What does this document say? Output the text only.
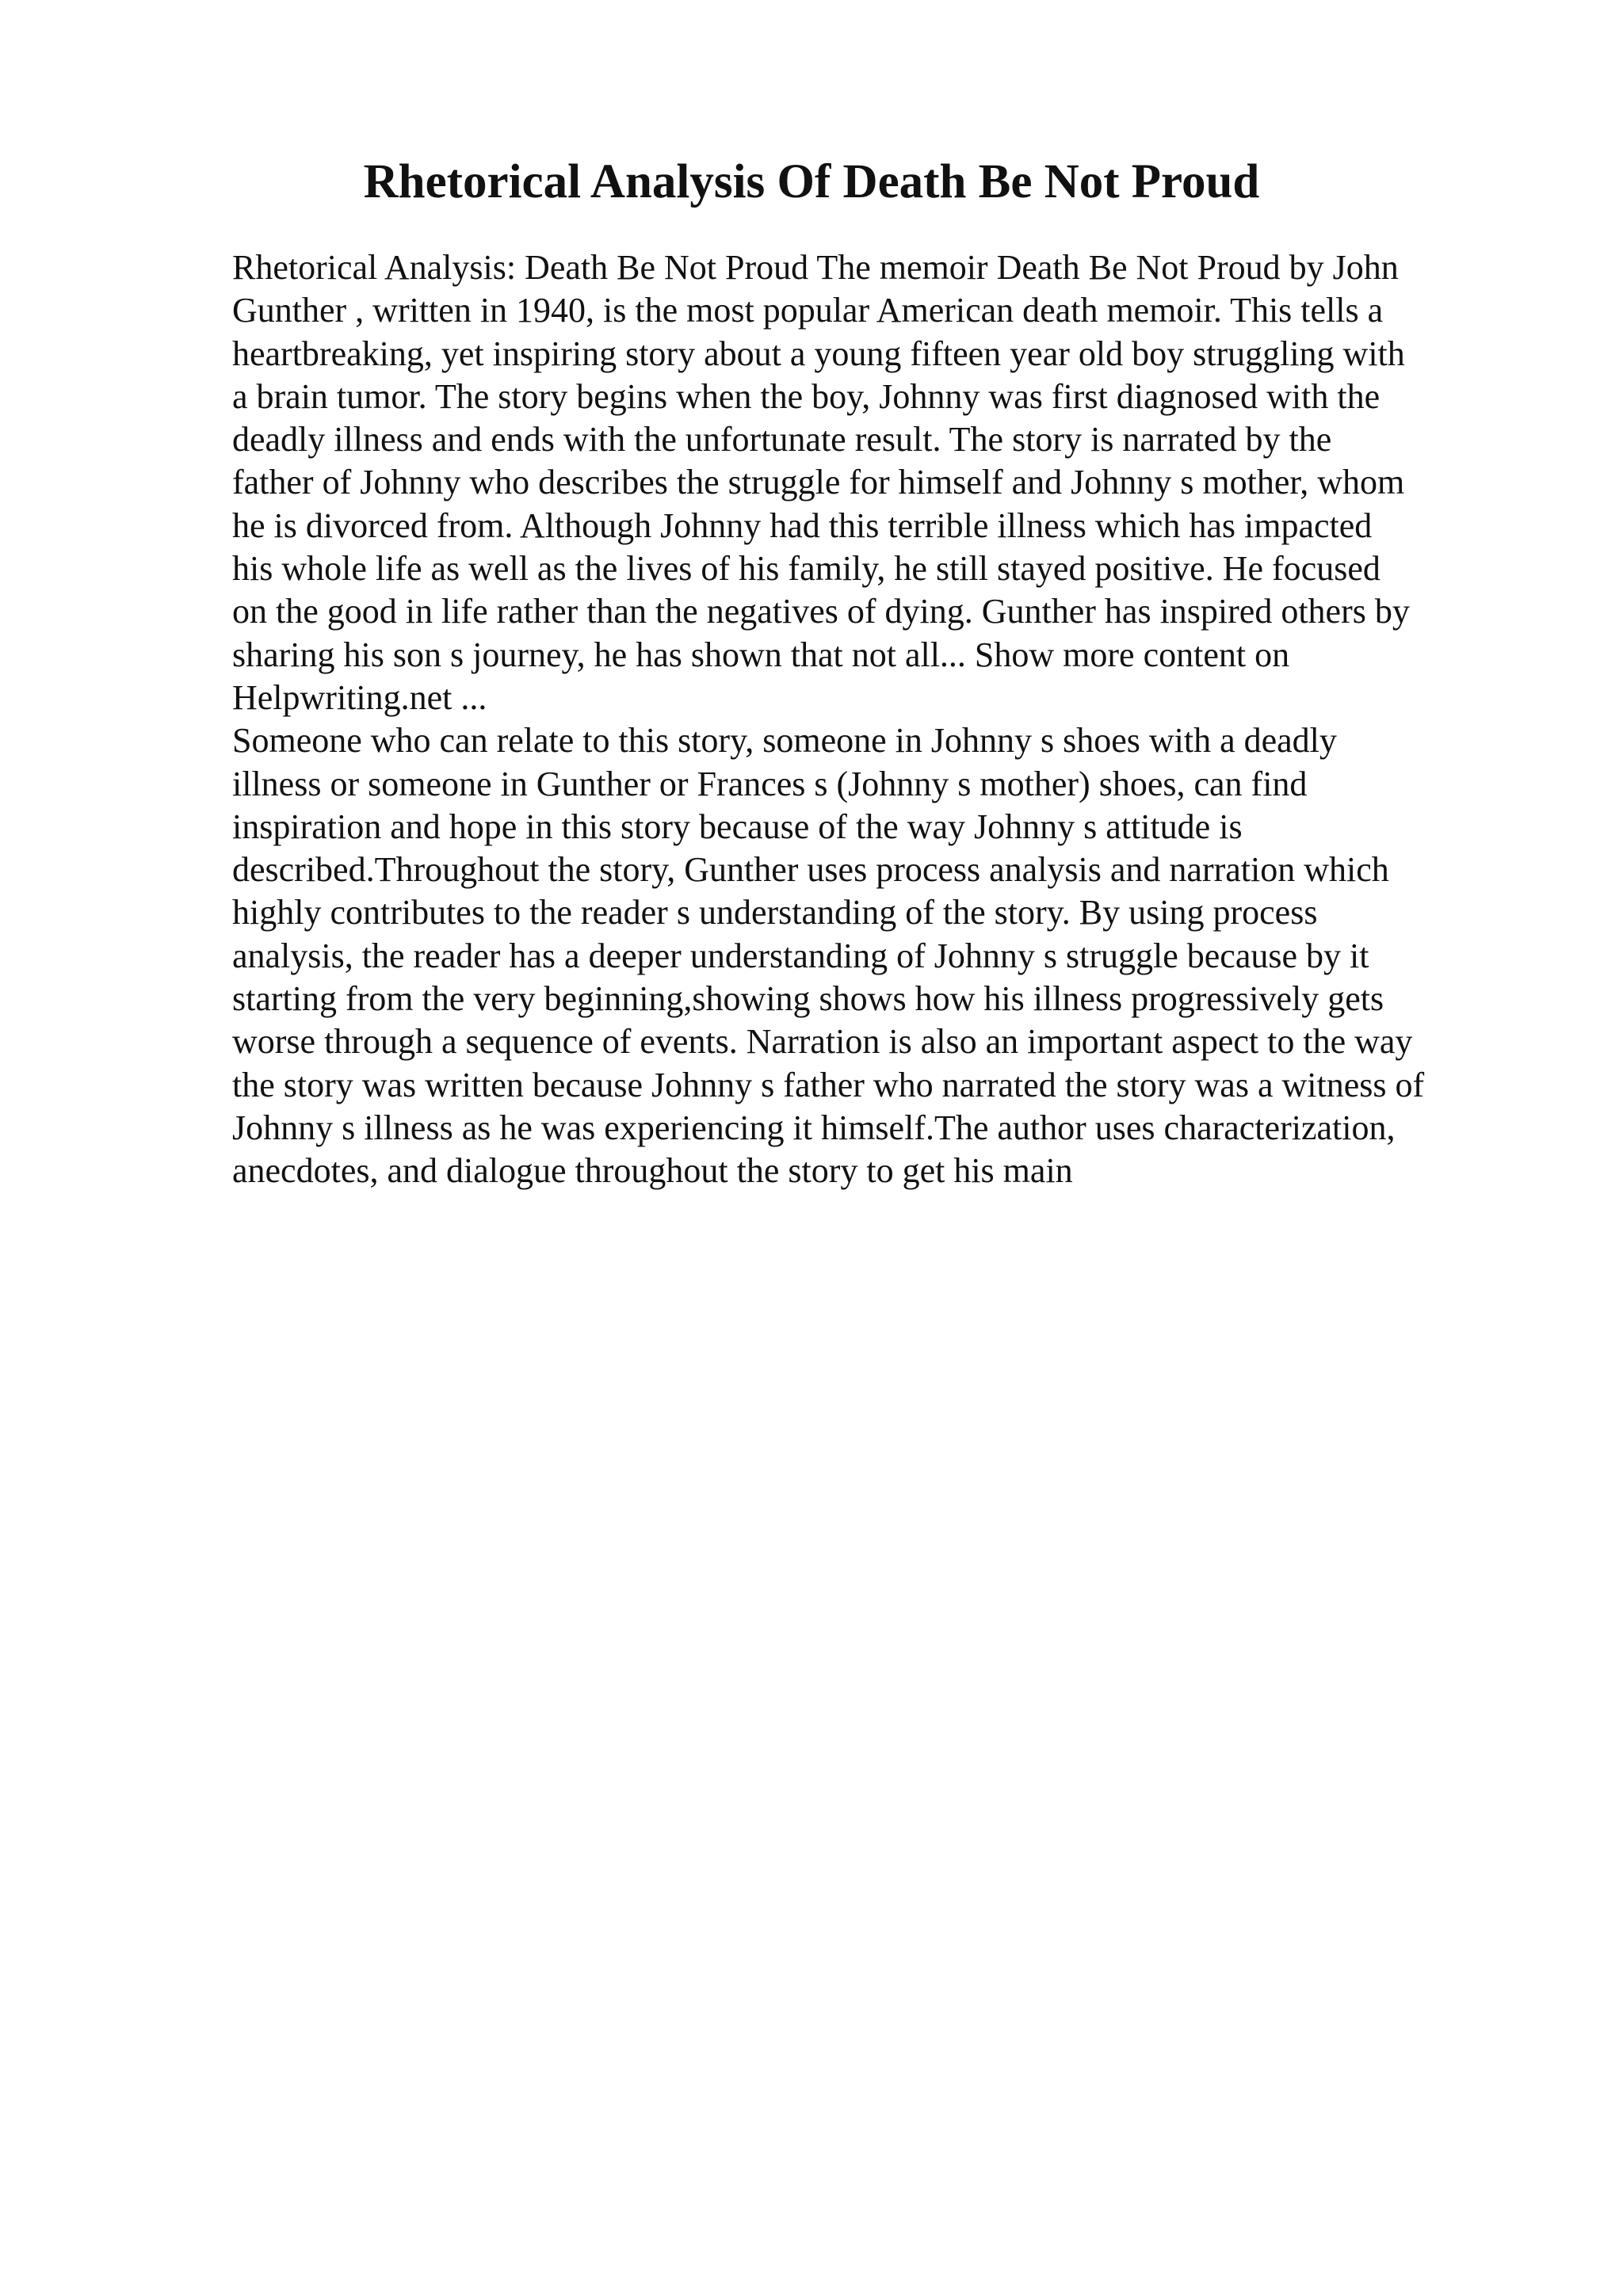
Rhetorical Analysis Of Death Be Not Proud
Rhetorical Analysis: Death Be Not Proud The memoir Death Be Not Proud by John
Gunther , written in 1940, is the most popular American death memoir. This tells a
heartbreaking, yet inspiring story about a young fifteen year old boy struggling with
a brain tumor. The story begins when the boy, Johnny was first diagnosed with the
deadly illness and ends with the unfortunate result. The story is narrated by the
father of Johnny who describes the struggle for himself and Johnny s mother, whom
he is divorced from. Although Johnny had this terrible illness which has impacted
his whole life as well as the lives of his family, he still stayed positive. He focused
on the good in life rather than the negatives of dying. Gunther has inspired others by
sharing his son s journey, he has shown that not all... Show more content on
Helpwriting.net ...
Someone who can relate to this story, someone in Johnny s shoes with a deadly
illness or someone in Gunther or Frances s (Johnny s mother) shoes, can find
inspiration and hope in this story because of the way Johnny s attitude is
described.Throughout the story, Gunther uses process analysis and narration which
highly contributes to the reader s understanding of the story. By using process
analysis, the reader has a deeper understanding of Johnny s struggle because by it
starting from the very beginning,showing shows how his illness progressively gets
worse through a sequence of events. Narration is also an important aspect to the way
the story was written because Johnny s father who narrated the story was a witness of
Johnny s illness as he was experiencing it himself.The author uses characterization,
anecdotes, and dialogue throughout the story to get his main
